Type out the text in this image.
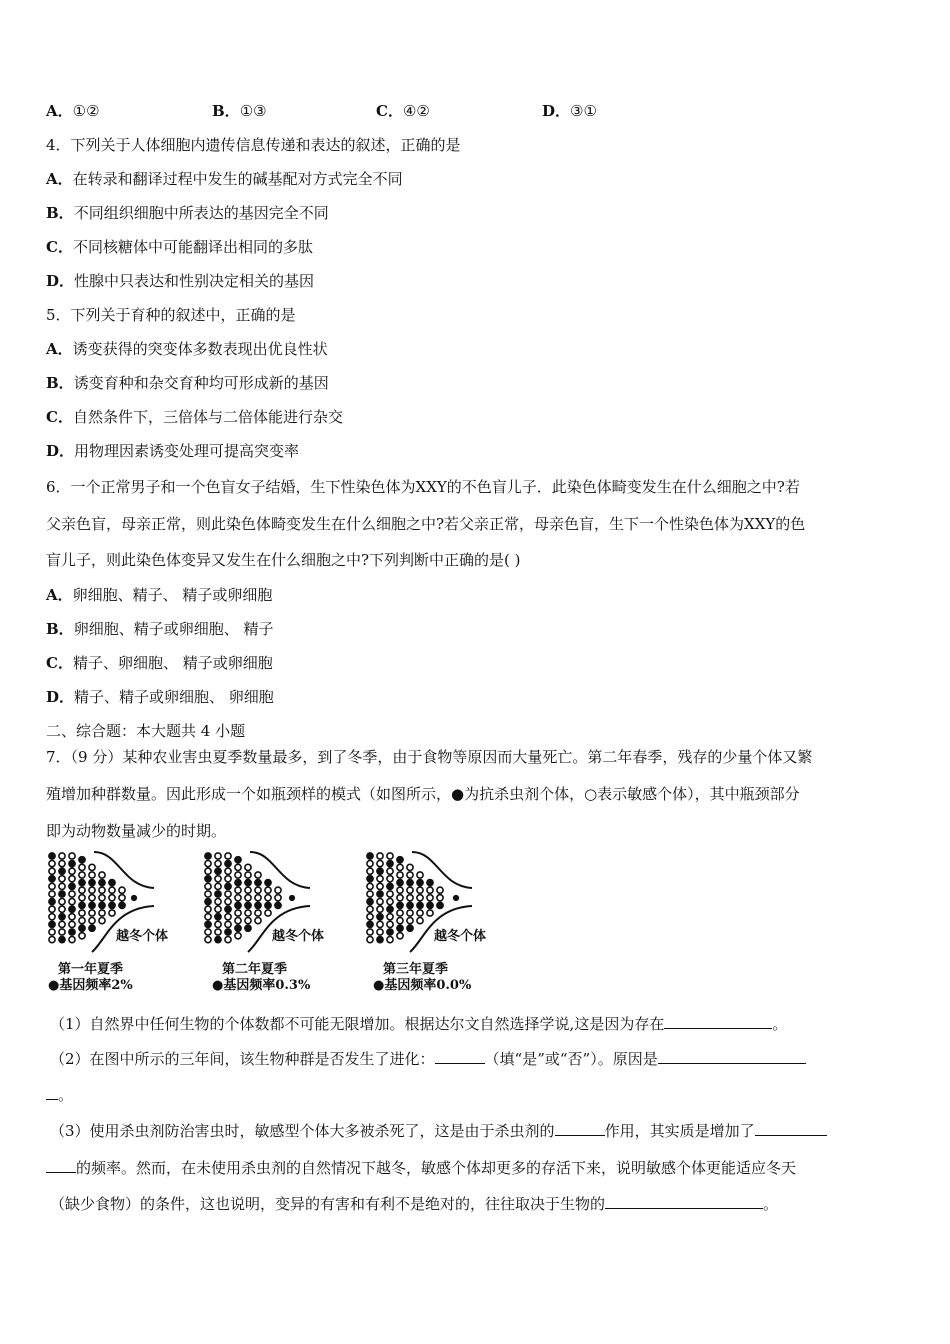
A．①②	B．①③	C．④②	D．③①
4．下列关于人体细胞内遗传信息传递和表达的叙述，正确的是
A．在转录和翻译过程中发生的碱基配对方式完全不同
B．不同组织细胞中所表达的基因完全不同
C．不同核糖体中可能翻译出相同的多肽
D．性腺中只表达和性别决定相关的基因
5．下列关于育种的叙述中，正确的是
A．诱变获得的突变体多数表现出优良性状
B．诱变育种和杂交育种均可形成新的基因
C．自然条件下，三倍体与二倍体能进行杂交
D．用物理因素诱变处理可提高突变率
6．一个正常男子和一个色盲女子结婚，生下性染色体为XXY的不色盲儿子．此染色体畸变发生在什么细胞之中?若
父亲色盲，母亲正常，则此染色体畸变发生在什么细胞之中?若父亲正常，母亲色盲，生下一个性染色体为XXY的色
盲儿子，则此染色体变异又发生在什么细胞之中?下列判断中正确的是( )
A．卵细胞、精子、 精子或卵细胞
B．卵细胞、精子或卵细胞、 精子
C．精子、卵细胞、 精子或卵细胞
D．精子、精子或卵细胞、 卵细胞
二、综合题：本大题共 4 小题
7．（9 分）某种农业害虫夏季数量最多，到了冬季，由于食物等原因而大量死亡。第二年春季，残存的少量个体又繁
殖增加种群数量。因此形成一个如瓶颈样的模式（如图所示，●为抗杀虫剂个体，○表示敏感个体），其中瓶颈部分
即为动物数量减少的时期。
越冬个体	越冬个体	越冬个体
第一年夏季
●基因频率2%
第二年夏季
●基因频率0.3%
第三年夏季
●基因频率0.0%
（1）自然界中任何生物的个体数都不可能无限增加。根据达尔文自然选择学说,这是因为存在	。
（2）在图中所示的三年间，该生物种群是否发生了进化：	（填“是”或“否”）。原因是
。
（3）使用杀虫剂防治害虫时，敏感型个体大多被杀死了，这是由于杀虫剂的	作用，其实质是增加了
的频率。然而，在未使用杀虫剂的自然情况下越冬，敏感个体却更多的存活下来，说明敏感个体更能适应冬天
（缺少食物）的条件，这也说明，变异的有害和有利不是绝对的，往往取决于生物的	。
